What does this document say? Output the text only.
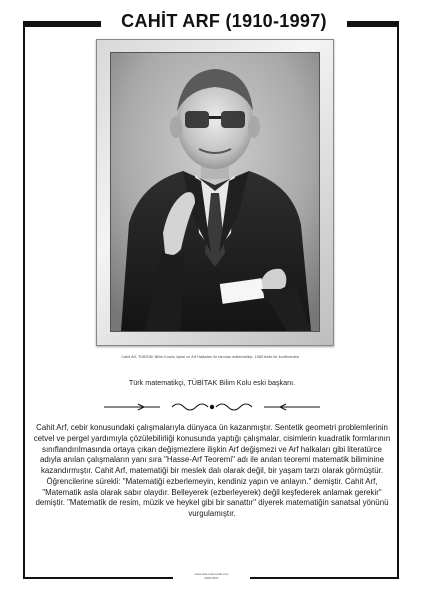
CAHİT ARF (1910-1997)
Cahit Arf, TÜBİTAK Bilim Kurulu üyesi ve Arf Halkaları ile tanınan matematikçi, 1980'lerde bir konferansta
Türk matematikçi, TÜBİTAK Bilim Kolu eski başkanı.

Cahit Arf, cebir konusundaki çalışmalarıyla dünyaca ün kazanmıştır. Sentetik geometri problemlerinin cetvel ve pergel yardımıyla çözülebilirliği konusunda yaptığı çalışmalar, cisimlerin kuadratik formlarının sınıflandırılmasında ortaya çıkan değişmezlere ilişkin Arf değişmezi ve Arf halkaları gibi literatürce adıyla anılan çalışmaların yanı sıra "Hasse-Arf Teoremi" adı ile anılan teoremi matematik biliminine kazandırmıştır. Cahit Arf, matematiği bir meslek dalı olarak değil, bir yaşam tarzı olarak görmüştür. Öğrencilerine sürekli: "Matematiği ezberlemeyin, kendiniz yapın ve anlayın." demiştir. Cahit Arf, "Matematik asla olarak sabır olaydır. Belleyerek (ezberleyerek) değil keşfederek anlamak gerekir" demiştir. "Matematik de resim, müzik ve heykel gibi bir sanattır" diyerek matematiğin sanatsal yönünü vurgulamıştır.

www.eski-matematik.com
2006-2007
